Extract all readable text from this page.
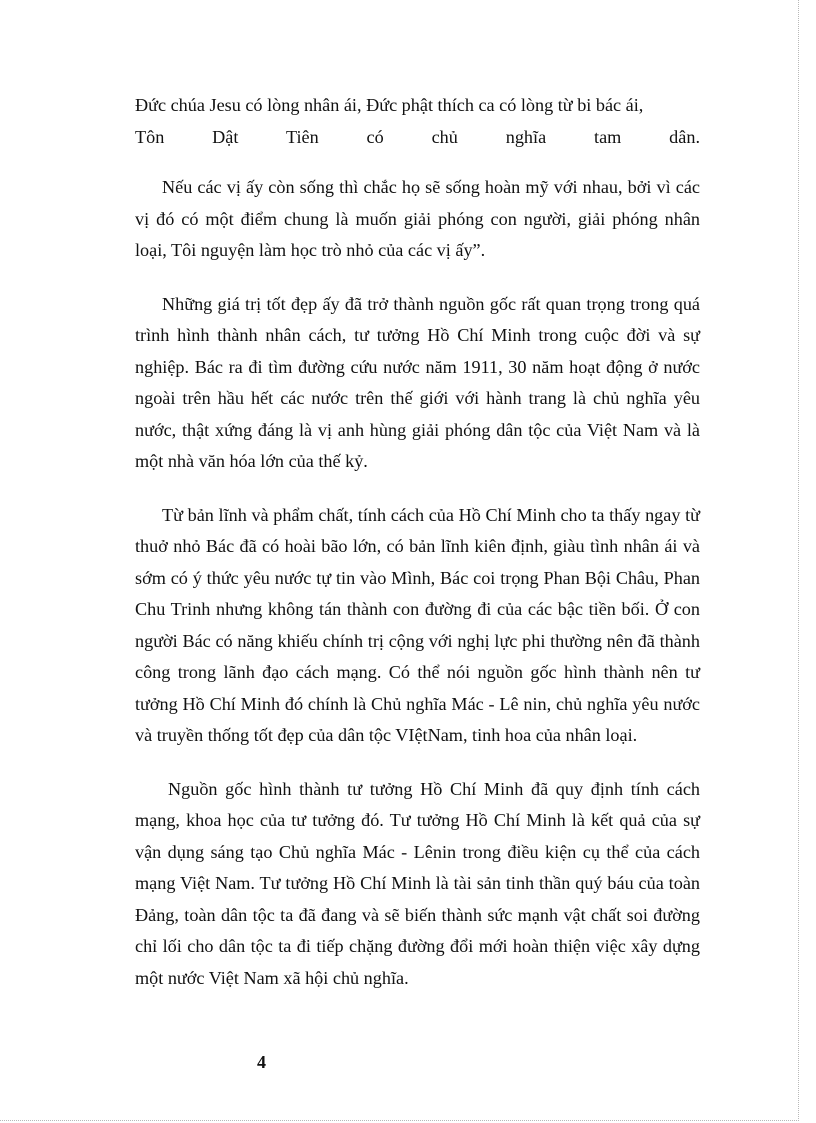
Đức chúa Jesu có lòng nhân ái, Đức phật thích ca có lòng từ bi bác ái,
Tôn Dật Tiên có chủ nghĩa tam dân.

Nếu các vị ấy còn sống thì chắc họ sẽ sống hoàn mỹ với nhau, bởi vì các vị đó có một điểm chung là muốn giải phóng con người, giải phóng nhân loại, Tôi nguyện làm học trò nhỏ của các vị ấy”.

Những giá trị tốt đẹp ấy đã trở thành nguồn gốc rất quan trọng trong quá trình hình thành nhân cách, tư tưởng Hồ Chí Minh trong cuộc đời và sự nghiệp. Bác ra đi tìm đường cứu nước năm 1911, 30 năm hoạt động ở nước ngoài trên hầu hết các nước trên thế giới với hành trang là chủ nghĩa yêu nước, thật xứng đáng là vị anh hùng giải phóng dân tộc của Việt Nam và là một nhà văn hóa lớn của thế kỷ.

Từ bản lĩnh và phẩm chất, tính cách của Hồ Chí Minh cho ta thấy ngay từ thuở nhỏ Bác đã có hoài bão lớn, có bản lĩnh kiên định, giàu tình nhân ái và sớm có ý thức yêu nước tự tin vào Mình, Bác coi trọng Phan Bội Châu, Phan Chu Trinh nhưng không tán thành con đường đi của các bậc tiền bối. Ở con người Bác có năng khiếu chính trị cộng với nghị lực phi thường nên đã thành công trong lãnh đạo cách mạng. Có thể nói nguồn gốc hình thành nên tư tưởng Hồ Chí Minh đó chính là Chủ nghĩa Mác - Lê nin, chủ nghĩa yêu nước và truyền thống tốt đẹp của dân tộc VIệtNam, tinh hoa của nhân loại.

Nguồn gốc hình thành tư tưởng Hồ Chí Minh đã quy định tính cách mạng, khoa học của tư tưởng đó. Tư tưởng Hồ Chí Minh là kết quả của sự vận dụng sáng tạo Chủ nghĩa Mác - Lênin trong điều kiện cụ thể của cách mạng Việt Nam. Tư tưởng Hồ Chí Minh là tài sản tinh thần quý báu của toàn Đảng, toàn dân tộc ta đã đang và sẽ biến thành sức mạnh vật chất soi đường chỉ lối cho dân tộc ta đi tiếp chặng đường đổi mới hoàn thiện việc xây dựng một nước Việt Nam xã hội chủ nghĩa.

4
